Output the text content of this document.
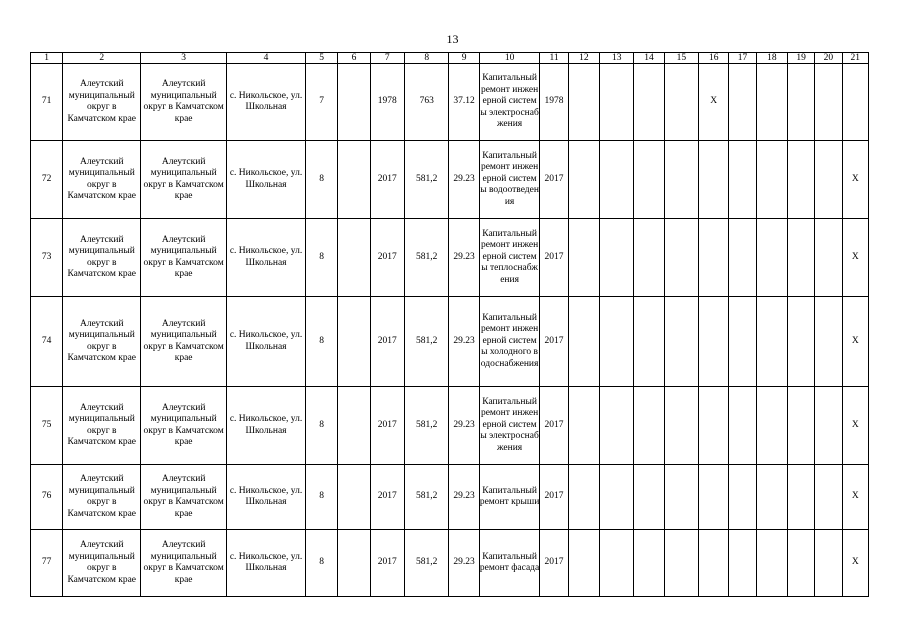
13
1	2	3	4	5	6	7	8	9	10	11	12	13	14	15	16	17	18	19	20	21
71	Алеутский муниципальный округ в Камчатском крае	Алеутский муниципальный округ в Камчатском крае	с. Никольское, ул. Школьная	7		1978	763	37.12	Капитальный ремонт инженерной системы электроснабжения	1978					X					
72	Алеутский муниципальный округ в Камчатском крае	Алеутский муниципальный округ в Камчатском крае	с. Никольское, ул. Школьная	8		2017	581,2	29.23	Капитальный ремонт инженерной системы водоотведения	2017										X
73	Алеутский муниципальный округ в Камчатском крае	Алеутский муниципальный округ в Камчатском крае	с. Никольское, ул. Школьная	8		2017	581,2	29.23	Капитальный ремонт инженерной системы теплоснабжения	2017										X
74	Алеутский муниципальный округ в Камчатском крае	Алеутский муниципальный округ в Камчатском крае	с. Никольское, ул. Школьная	8		2017	581,2	29.23	Капитальный ремонт инженерной системы холодного водоснабжения	2017										X
75	Алеутский муниципальный округ в Камчатском крае	Алеутский муниципальный округ в Камчатском крае	с. Никольское, ул. Школьная	8		2017	581,2	29.23	Капитальный ремонт инженерной системы электроснабжения	2017										X
76	Алеутский муниципальный округ в Камчатском крае	Алеутский муниципальный округ в Камчатском крае	с. Никольское, ул. Школьная	8		2017	581,2	29.23	Капитальный ремонт крыши	2017										X
77	Алеутский муниципальный округ в Камчатском крае	Алеутский муниципальный округ в Камчатском крае	с. Никольское, ул. Школьная	8		2017	581,2	29.23	Капитальный ремонт фасада	2017										X
